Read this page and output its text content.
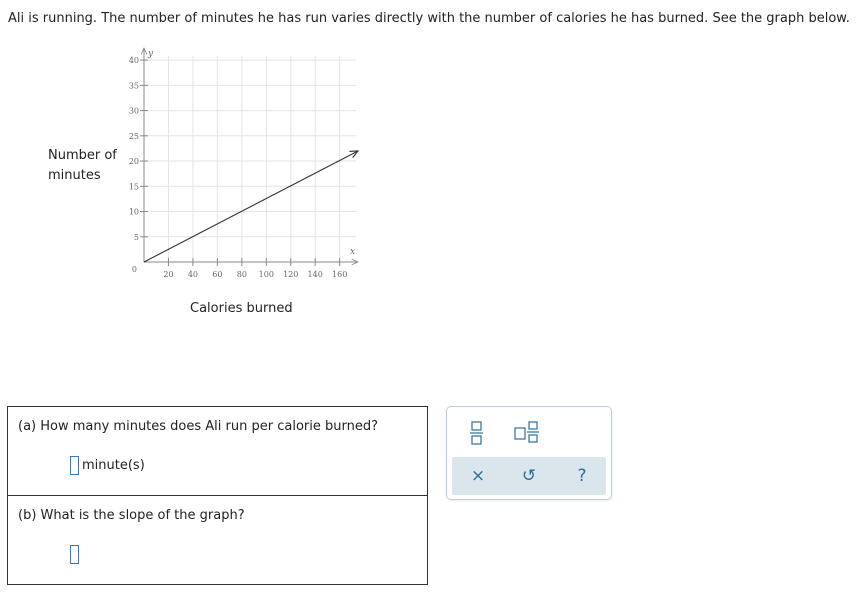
Ali is running. The number of minutes he has run varies directly with the number of calories he has burned. See the graph below.
Number of
minutes
20 40 60 80 100 120 140 160
5
10
15
20
25
30
35
40
0
x
y
Calories burned
(a) How many minutes does Ali run per calorie burned?
minute(s)
(b) What is the slope of the graph?
× ↺	?
